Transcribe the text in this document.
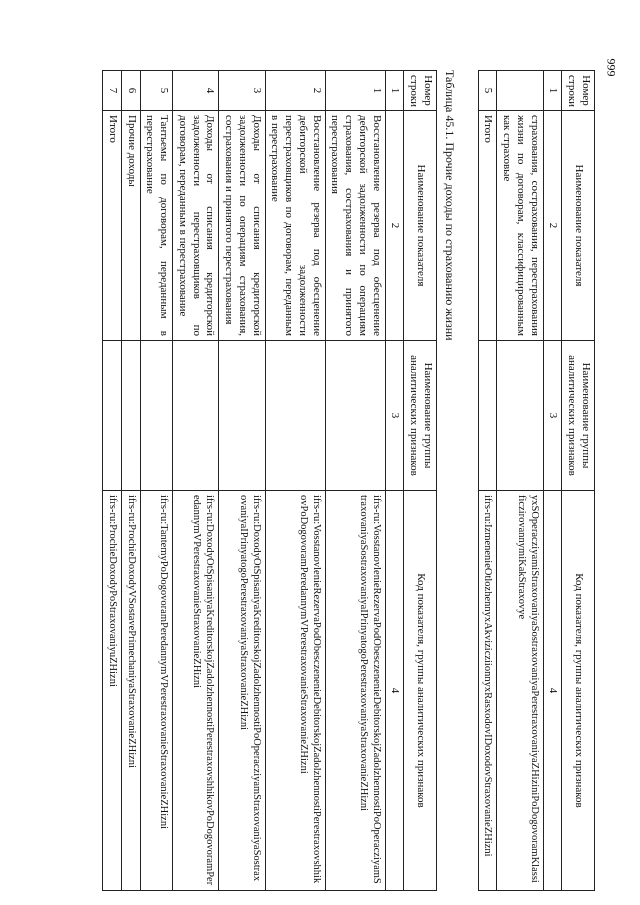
999
Номер строки	Наименование показателя	Наименование группы аналитических признаков	Код показателя, группы аналитических признаков
1	2	3	4
	страхования, сострахования, перестрахования жизни по договорам, классифицированным как страховые		yxSOperacziyamiStraxovaniyaSostraxovaniyaPerestraxovaniyaZHiziniPoDogovoramKlassificzirovannymiKakStraxovye
5	Итого		ifrs-ru:IzmenenieOtlozhennyxAkvizicziionnyxRasxodovIDoxodovStraxovanieZHizni
Таблица 45.1. Прочие доходы по страхованию жизни
Номер строки	Наименование показателя	Наименование группы аналитических признаков	Код показателя, группы аналитических признаков
1	2	3	4
1	Восстановление резерва под обесценение дебиторской задолженности по операциям страхования, сострахования и принятого перестрахования		ifrs-ru:VosstanovlenieRezervaPodObesczenenieDebitorskojZadolzhennostiPoOperacziyamStraxovaniyaSostraxovaniyaIPrinyatogoPerestraxovaniyaStraxovanieZHizni
2	Восстановление резерва под обесценение дебиторской задолженности перестраховщиков по договорам, переданным в перестрахование		ifrs-ru:VosstanovlenieRezervaPodObesczenenieDebitorskojZadolzhennostiPerestraxovshhikovPoDogovoramPeredannymVPerestraxovanieStraxovanieZHizni
3	Доходы от списания кредиторской задолженности по операциям страхования, сострахования и принятого перестрахования		ifrs-ru:DoxodyOtSpisaniyaKreditorskojZadolzhennostiPoOperacziyamStraxovaniyaSostraxovaniyaIPrinyatogoPerestraxovaniyaStraxovanieZHizni
4	Доходы от списания кредиторской задолженности перестраховщиков по договорам, переданным в перестрахование		ifrs-ru:DoxodyOtSpisaniyaKreditorskojZadolzhennostiPerestraxovshhikovPoDogovoramPeredannymVPerestraxovanieStraxovanieZHizni
5	Тантьемы по договорам, переданным в перестрахование		ifrs-ru:TantemyPoDogovoramPeredannymVPerestraxovanieStraxovanieZHizni
6	Прочие доходы		ifrs-ru:ProchieDoxodyVSostavePrimechaniyaStraxovanieZHizni
7	Итого		ifrs-ru:ProchieDoxodyPoStraxovaniyuZHizni
